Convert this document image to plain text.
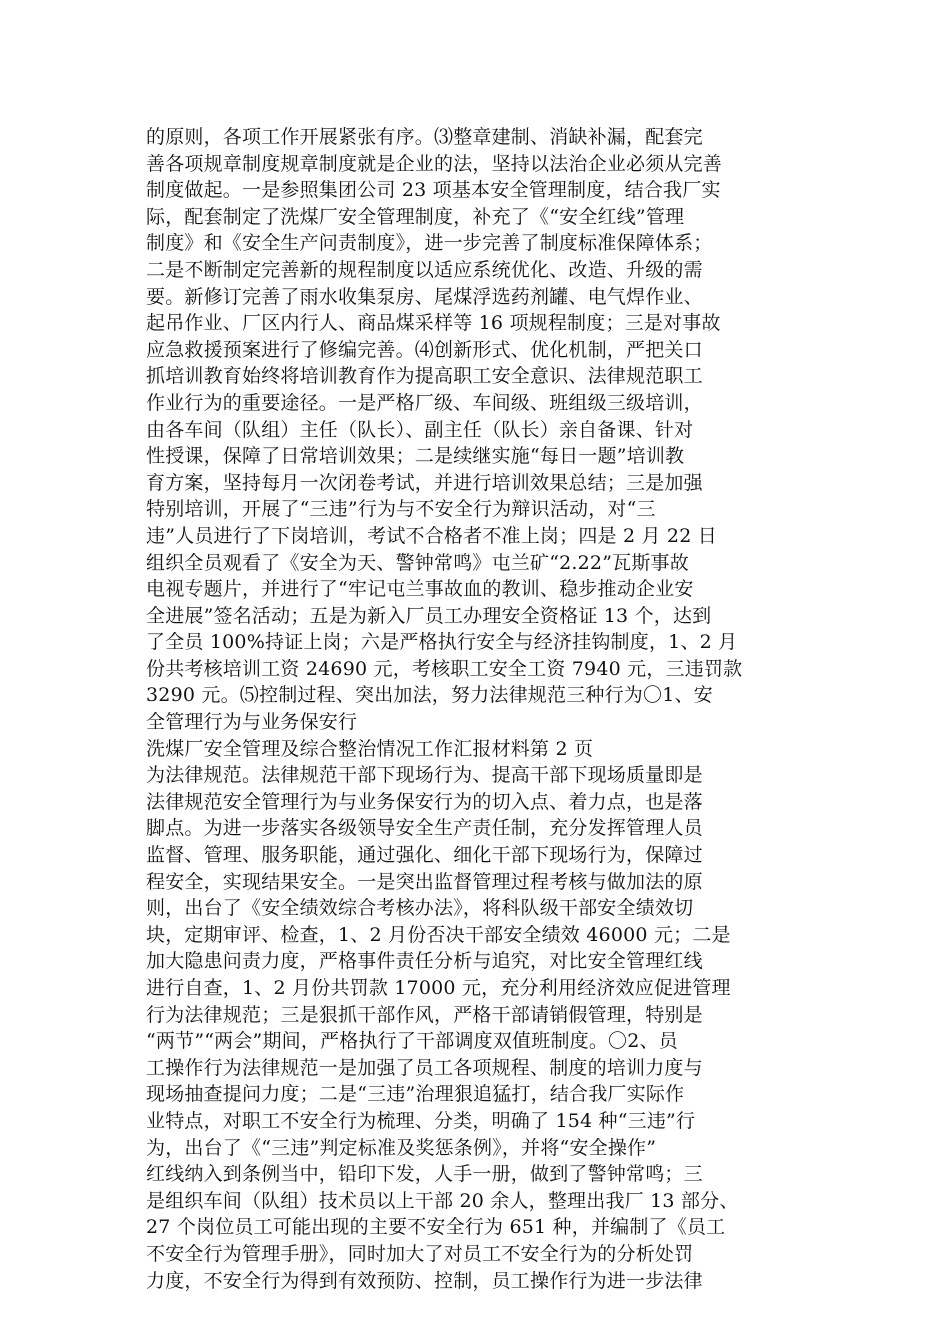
的原则，各项工作开展紧张有序。⑶整章建制、消缺补漏，配套完
善各项规章制度规章制度就是企业的法，坚持以法治企业必须从完善
制度做起。一是参照集团公司 23 项基本安全管理制度，结合我厂实
际，配套制定了洗煤厂安全管理制度，补充了《“安全红线”管理
制度》和《安全生产问责制度》，进一步完善了制度标准保障体系；
二是不断制定完善新的规程制度以适应系统优化、改造、升级的需
要。新修订完善了雨水收集泵房、尾煤浮选药剂罐、电气焊作业、
起吊作业、厂区内行人、商品煤采样等 16 项规程制度；三是对事故
应急救援预案进行了修编完善。⑷创新形式、优化机制，严把关口
抓培训教育始终将培训教育作为提高职工安全意识、法律规范职工
作业行为的重要途径。一是严格厂级、车间级、班组级三级培训，
由各车间（队组）主任（队长）、副主任（队长）亲自备课、针对
性授课，保障了日常培训效果；二是续继实施“每日一题”培训教
育方案，坚持每月一次闭卷考试，并进行培训效果总结；三是加强
特别培训，开展了“三违”行为与不安全行为辩识活动，对“三
违”人员进行了下岗培训，考试不合格者不准上岗；四是 2 月 22 日
组织全员观看了《安全为天、警钟常鸣》屯兰矿“2.22”瓦斯事故
电视专题片，并进行了“牢记屯兰事故血的教训、稳步推动企业安
全进展”签名活动；五是为新入厂员工办理安全资格证 13 个，达到
了全员 100%持证上岗；六是严格执行安全与经济挂钩制度，1、2 月
份共考核培训工资 24690 元，考核职工安全工资 7940 元，三违罚款
3290 元。⑸控制过程、突出加法，努力法律规范三种行为〇1、安
全管理行为与业务保安行
洗煤厂安全管理及综合整治情况工作汇报材料第 2 页
为法律规范。法律规范干部下现场行为、提高干部下现场质量即是
法律规范安全管理行为与业务保安行为的切入点、着力点，也是落
脚点。为进一步落实各级领导安全生产责任制，充分发挥管理人员
监督、管理、服务职能，通过强化、细化干部下现场行为，保障过
程安全，实现结果安全。一是突出监督管理过程考核与做加法的原
则，出台了《安全绩效综合考核办法》，将科队级干部安全绩效切
块，定期审评、检查，1、2 月份否决干部安全绩效 46000 元；二是
加大隐患问责力度，严格事件责任分析与追究，对比安全管理红线
进行自查，1、2 月份共罚款 17000 元，充分利用经济效应促进管理
行为法律规范；三是狠抓干部作风，严格干部请销假管理，特别是
“两节”“两会”期间，严格执行了干部调度双值班制度。〇2、员
工操作行为法律规范一是加强了员工各项规程、制度的培训力度与
现场抽查提问力度；二是“三违”治理狠追猛打，结合我厂实际作
业特点，对职工不安全行为梳理、分类，明确了 154 种“三违”行
为，出台了《“三违”判定标准及奖惩条例》，并将“安全操作”
红线纳入到条例当中，铅印下发，人手一册，做到了警钟常鸣；三
是组织车间（队组）技术员以上干部 20 余人，整理出我厂 13 部分、
27 个岗位员工可能出现的主要不安全行为 651 种，并编制了《员工
不安全行为管理手册》，同时加大了对员工不安全行为的分析处罚
力度，不安全行为得到有效预防、控制，员工操作行为进一步法律
